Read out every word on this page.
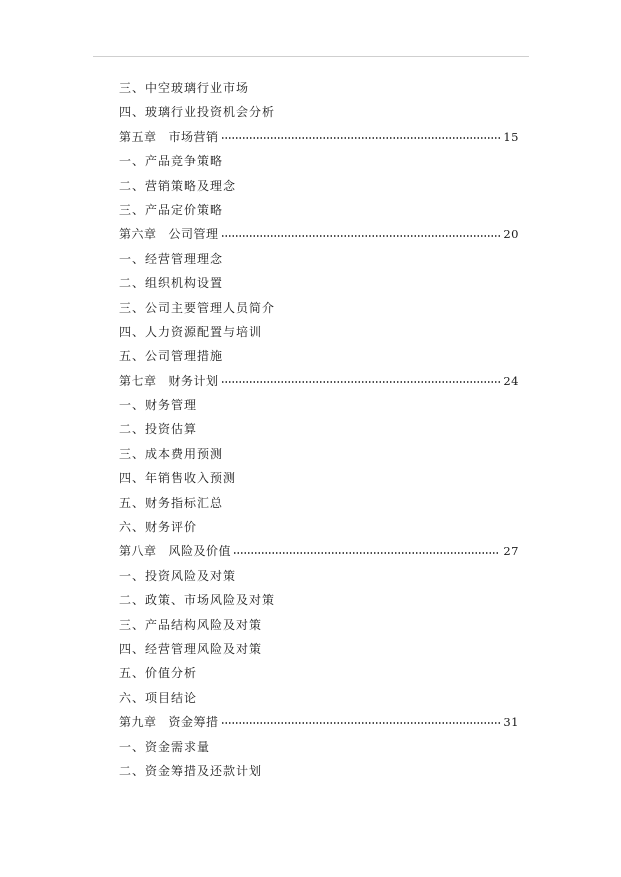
三、中空玻璃行业市场
四、玻璃行业投资机会分析
第五章 市场营销	15
一、产品竞争策略
二、营销策略及理念
三、产品定价策略
第六章 公司管理	20
一、经营管理理念
二、组织机构设置
三、公司主要管理人员简介
四、人力资源配置与培训
五、公司管理措施
第七章 财务计划	24
一、财务管理
二、投资估算
三、成本费用预测
四、年销售收入预测
五、财务指标汇总
六、财务评价
第八章 风险及价值	27
一、投资风险及对策
二、政策、市场风险及对策
三、产品结构风险及对策
四、经营管理风险及对策
五、价值分析
六、项目结论
第九章 资金筹措	31
一、资金需求量
二、资金筹措及还款计划
